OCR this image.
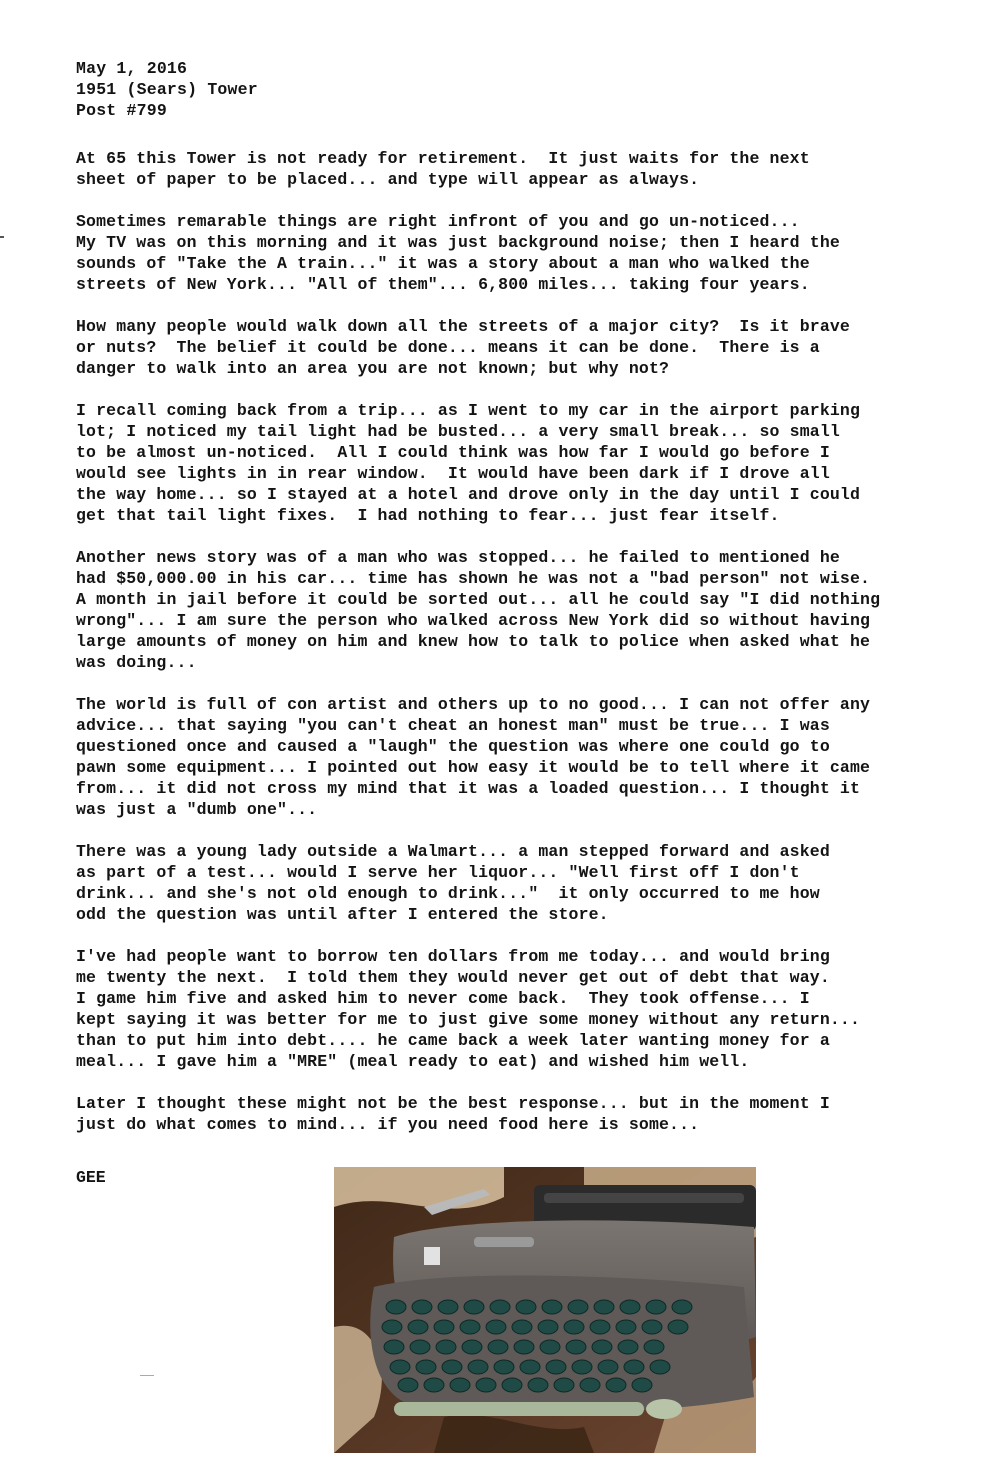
May 1, 2016
1951 (Sears) Tower
Post #799
At 65 this Tower is not ready for retirement.  It just waits for the next
sheet of paper to be placed... and type will appear as always.
Sometimes remarable things are right infront of you and go un-noticed...
My TV was on this morning and it was just background noise; then I heard the
sounds of "Take the A train..." it was a story about a man who walked the
streets of New York... "All of them"... 6,800 miles... taking four years.
How many people would walk down all the streets of a major city?  Is it brave
or nuts?  The belief it could be done... means it can be done.  There is a
danger to walk into an area you are not known; but why not?
I recall coming back from a trip... as I went to my car in the airport parking
lot; I noticed my tail light had be busted... a very small break... so small
to be almost un-noticed.  All I could think was how far I would go before I
would see lights in in rear window.  It would have been dark if I drove all
the way home... so I stayed at a hotel and drove only in the day until I could
get that tail light fixes.  I had nothing to fear... just fear itself.
Another news story was of a man who was stopped... he failed to mentioned he
had $50,000.00 in his car... time has shown he was not a "bad person" not wise.
A month in jail before it could be sorted out... all he could say "I did nothing
wrong"... I am sure the person who walked across New York did so without having
large amounts of money on him and knew how to talk to police when asked what he
was doing...
The world is full of con artist and others up to no good... I can not offer any
advice... that saying "you can't cheat an honest man" must be true... I was
questioned once and caused a "laugh" the question was where one could go to
pawn some equipment... I pointed out how easy it would be to tell where it came
from... it did not cross my mind that it was a loaded question... I thought it
was just a "dumb one"...
There was a young lady outside a Walmart... a man stepped forward and asked
as part of a test... would I serve her liquor... "Well first off I don't
drink... and she's not old enough to drink..."  it only occurred to me how
odd the question was until after I entered the store.
I've had people want to borrow ten dollars from me today... and would bring
me twenty the next.  I told them they would never get out of debt that way.
I game him five and asked him to never come back.  They took offense... I
kept saying it was better for me to just give some money without any return...
than to put him into debt.... he came back a week later wanting money for a
meal... I gave him a "MRE" (meal ready to eat) and wished him well.
Later I thought these might not be the best response... but in the moment I
just do what comes to mind... if you need food here is some...
GEE
